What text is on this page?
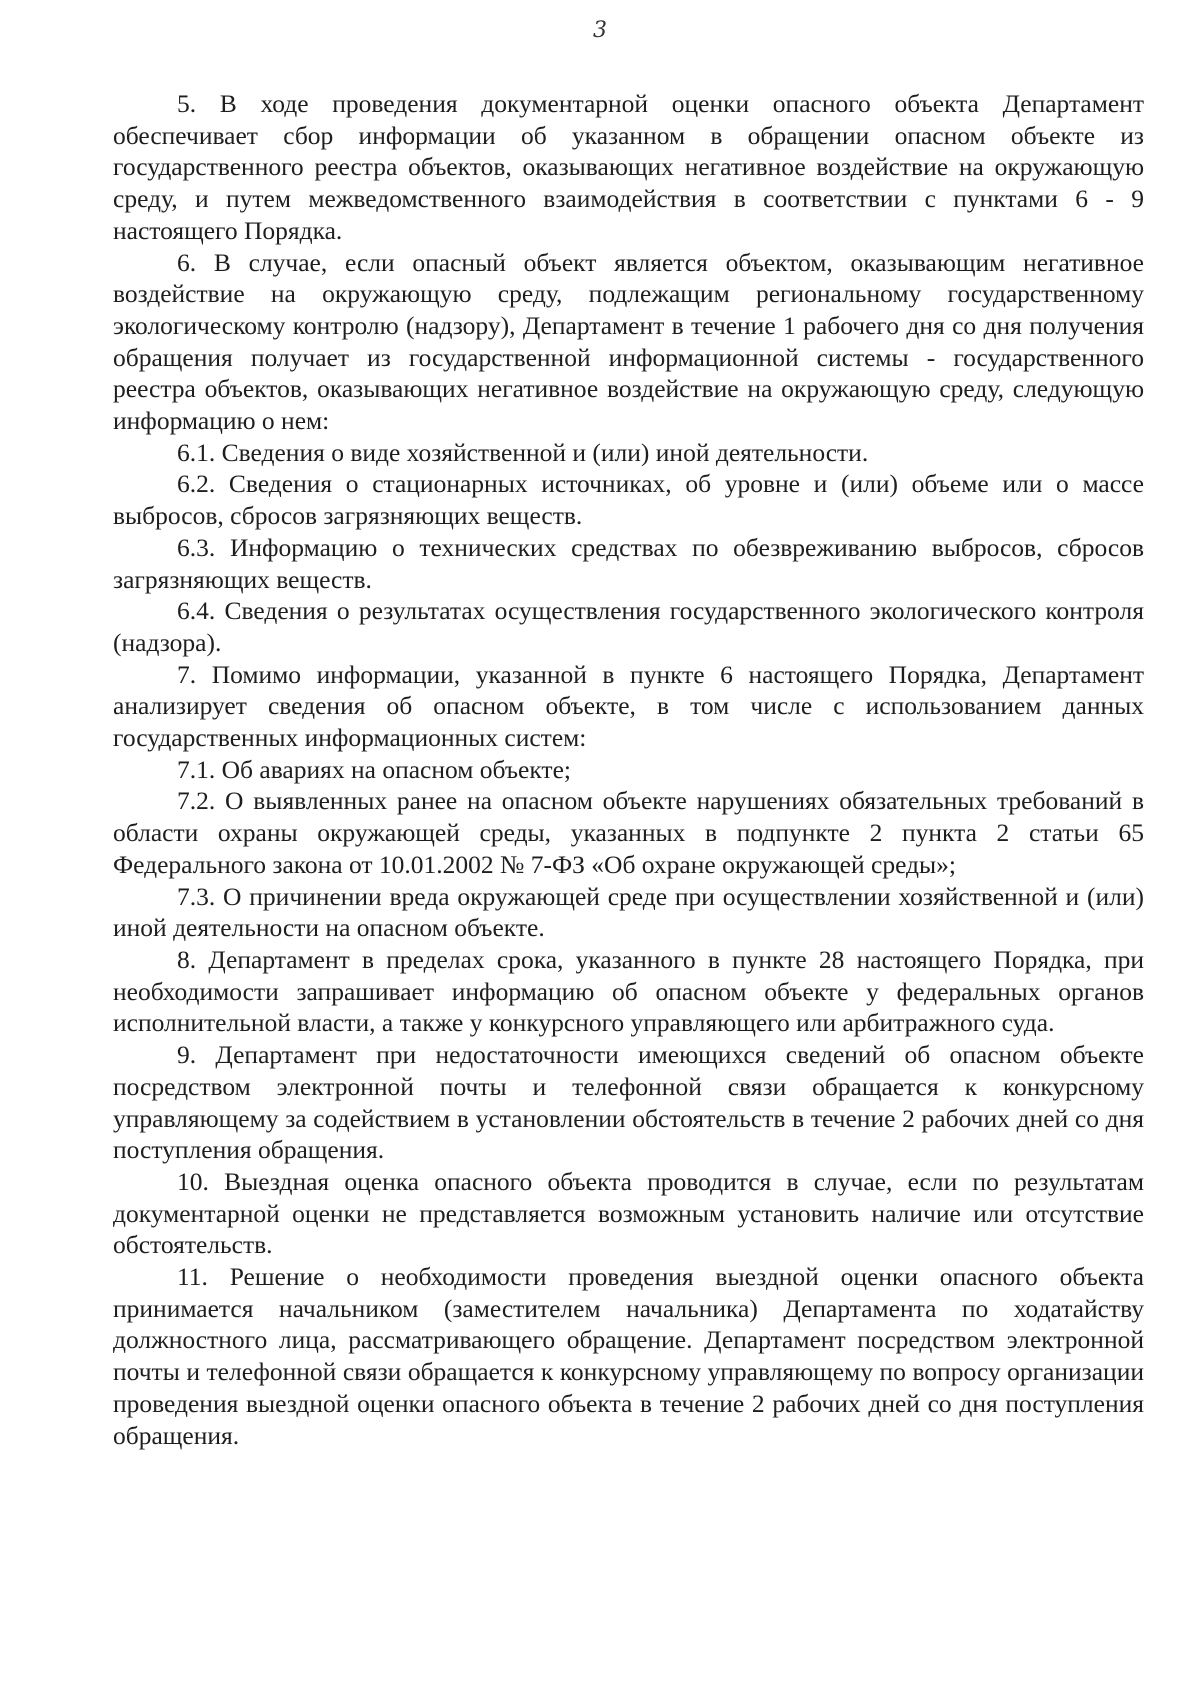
3

5. В ходе проведения документарной оценки опасного объекта Департамент обеспечивает сбор информации об указанном в обращении опасном объекте из государственного реестра объектов, оказывающих негативное воздействие на окружающую среду, и путем межведомственного взаимодействия в соответствии с пунктами 6 - 9 настоящего Порядка.

6. В случае, если опасный объект является объектом, оказывающим негативное воздействие на окружающую среду, подлежащим региональному государственному экологическому контролю (надзору), Департамент в течение 1 рабочего дня со дня получения обращения получает из государственной информационной системы - государственного реестра объектов, оказывающих негативное воздействие на окружающую среду, следующую информацию о нем:

6.1. Сведения о виде хозяйственной и (или) иной деятельности.

6.2. Сведения о стационарных источниках, об уровне и (или) объеме или о массе выбросов, сбросов загрязняющих веществ.

6.3. Информацию о технических средствах по обезвреживанию выбросов, сбросов загрязняющих веществ.

6.4. Сведения о результатах осуществления государственного экологического контроля (надзора).

7. Помимо информации, указанной в пункте 6 настоящего Порядка, Департамент анализирует сведения об опасном объекте, в том числе с использованием данных государственных информационных систем:

7.1. Об авариях на опасном объекте;

7.2. О выявленных ранее на опасном объекте нарушениях обязательных требований в области охраны окружающей среды, указанных в подпункте 2 пункта 2 статьи 65 Федерального закона от 10.01.2002 № 7-ФЗ «Об охране окружающей среды»;

7.3. О причинении вреда окружающей среде при осуществлении хозяйственной и (или) иной деятельности на опасном объекте.

8. Департамент в пределах срока, указанного в пункте 28 настоящего Порядка, при необходимости запрашивает информацию об опасном объекте у федеральных органов исполнительной власти, а также у конкурсного управляющего или арбитражного суда.

9. Департамент при недостаточности имеющихся сведений об опасном объекте посредством электронной почты и телефонной связи обращается к конкурсному управляющему за содействием в установлении обстоятельств в течение 2 рабочих дней со дня поступления обращения.

10. Выездная оценка опасного объекта проводится в случае, если по результатам документарной оценки не представляется возможным установить наличие или отсутствие обстоятельств.

11. Решение о необходимости проведения выездной оценки опасного объекта принимается начальником (заместителем начальника) Департамента по ходатайству должностного лица, рассматривающего обращение. Департамент посредством электронной почты и телефонной связи обращается к конкурсному управляющему по вопросу организации проведения выездной оценки опасного объекта в течение 2 рабочих дней со дня поступления обращения.
